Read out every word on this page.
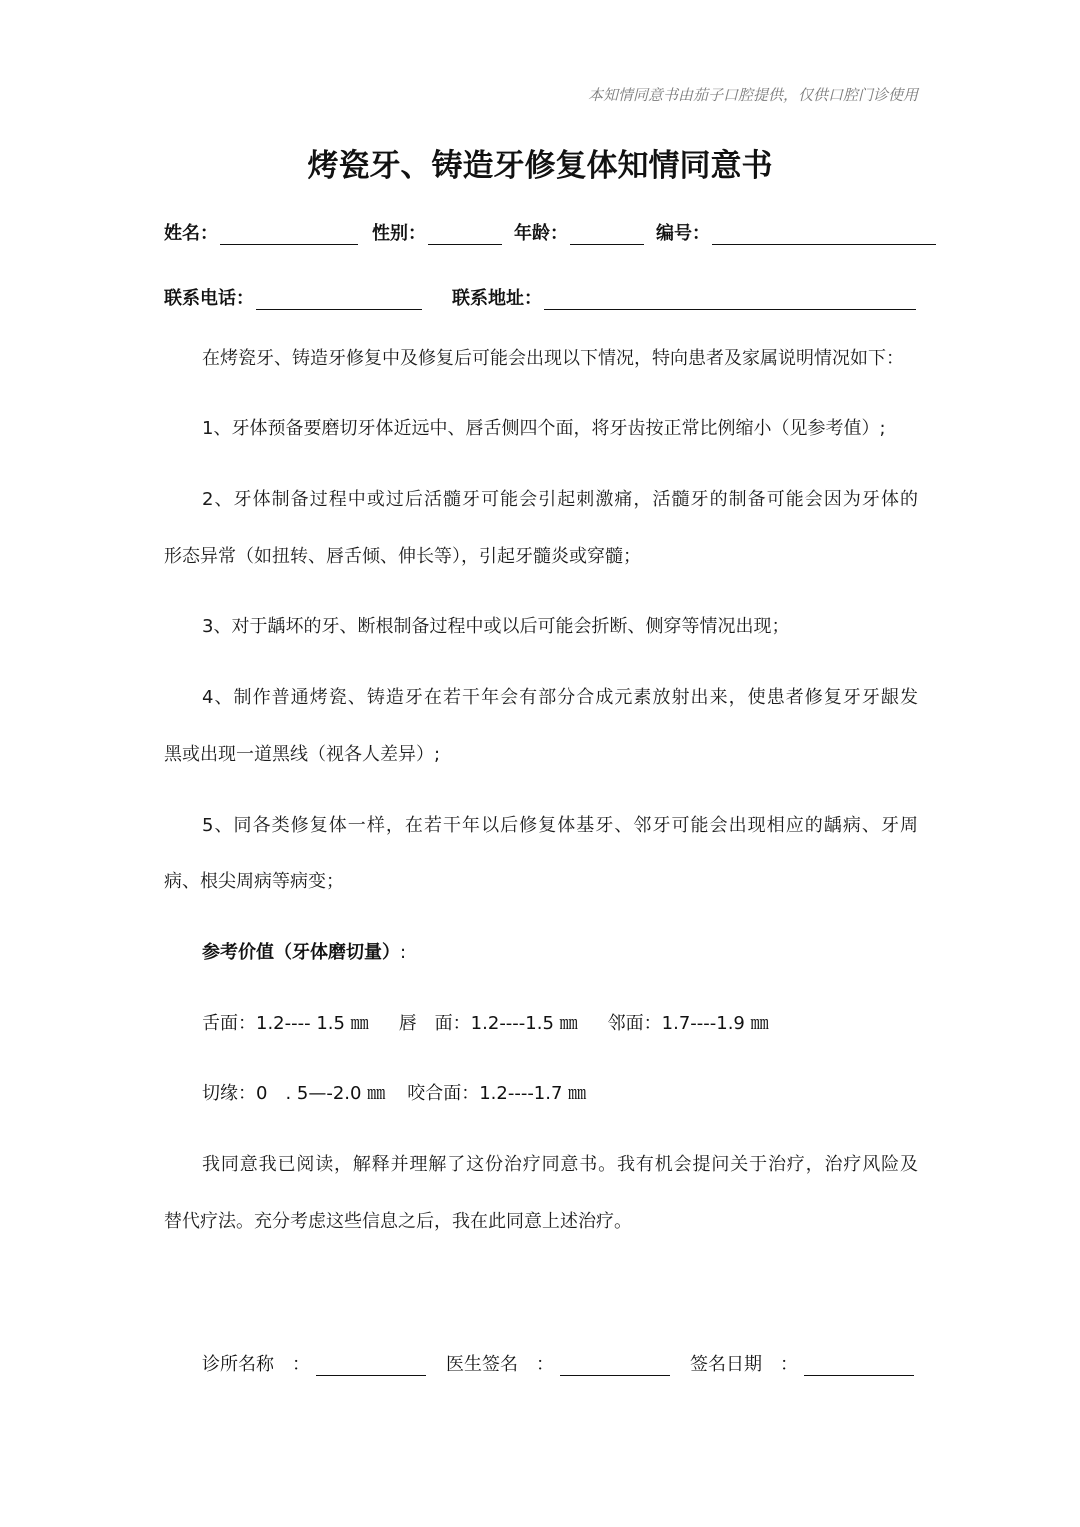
本知情同意书由茄子口腔提供，仅供口腔门诊使用
烤瓷牙、铸造牙修复体知情同意书
姓名：	性别：	年龄：	编号：
联系电话：	联系地址：
在烤瓷牙、铸造牙修复中及修复后可能会出现以下情况，特向患者及家属说明情况如下：
1、牙体预备要磨切牙体近远中、唇舌侧四个面，将牙齿按正常比例缩小（见参考值）;
2、牙体制备过程中或过后活髓牙可能会引起刺激痛，活髓牙的制备可能会因为牙体的
形态异常（如扭转、唇舌倾、伸长等），引起牙髓炎或穿髓；
3、对于龋坏的牙、断根制备过程中或以后可能会折断、侧穿等情况出现；
4、制作普通烤瓷、铸造牙在若干年会有部分合成元素放射出来，使患者修复牙牙龈发
黑或出现一道黑线（视各人差异）;
5、同各类修复体一样，在若干年以后修复体基牙、邻牙可能会出现相应的龋病、牙周
病、根尖周病等病变；
参考价值（牙体磨切量）:
舌面：1.2---- 1.5 ㎜ 唇　面：1.2----1.5 ㎜ 邻面：1.7----1.9 ㎜
切缘：0　. 5—-2.0 ㎜ 咬合面：1.2----1.7 ㎜
我同意我已阅读，解释并理解了这份治疗同意书。我有机会提问关于治疗，治疗风险及
替代疗法。充分考虑这些信息之后，我在此同意上述治疗。
诊所名称　：	医生签名　：	签名日期　：
